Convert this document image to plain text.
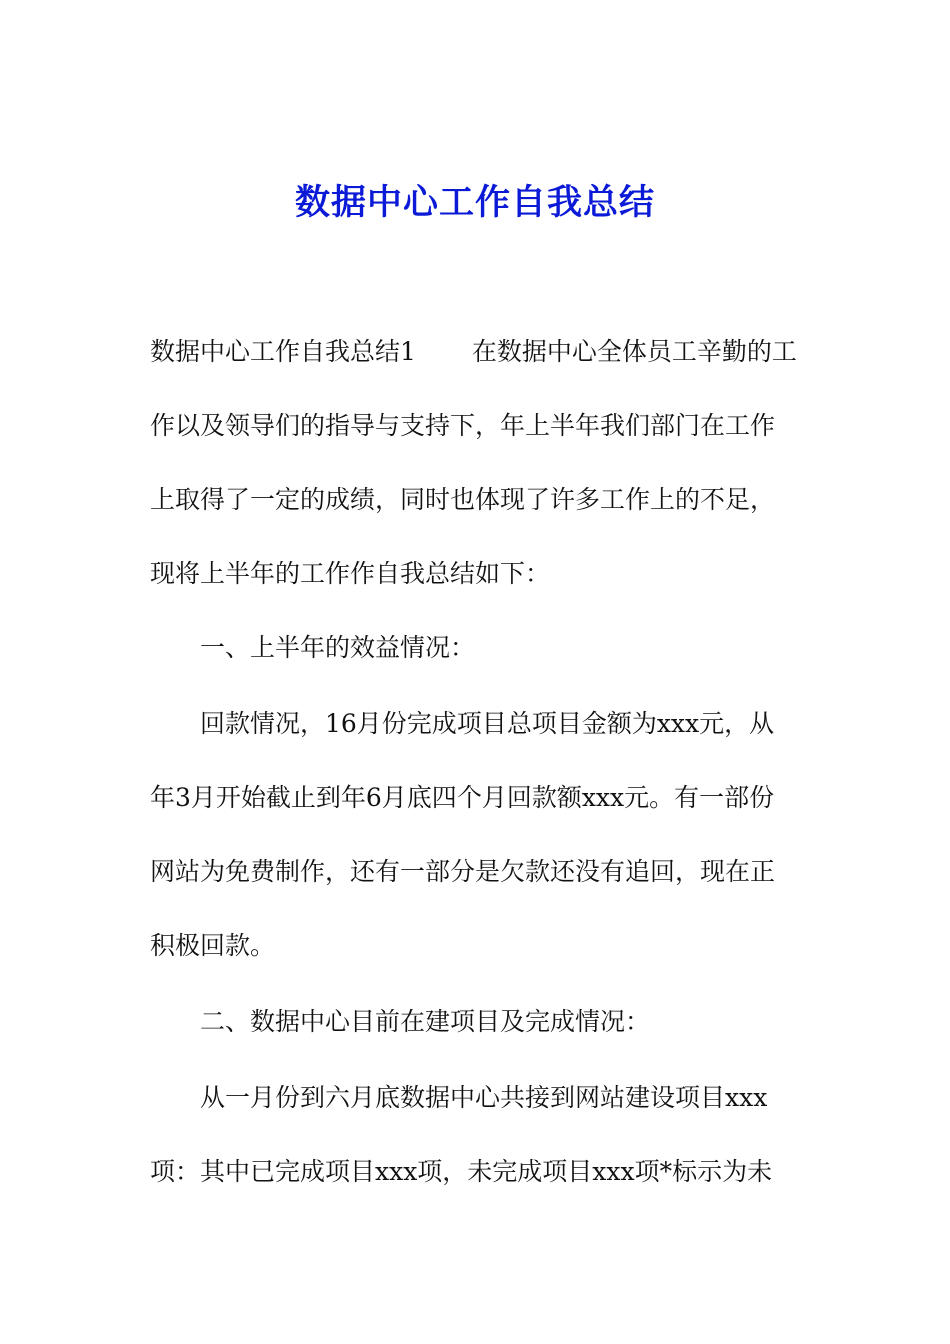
数据中心工作自我总结

数据中心工作自我总结1 在数据中心全体员工辛勤的工

作以及领导们的指导与支持下，年上半年我们部门在工作

上取得了一定的成绩，同时也体现了许多工作上的不足，

现将上半年的工作作自我总结如下：

一、上半年的效益情况：

回款情况，16月份完成项目总项目金额为xxx元，从

年3月开始截止到年6月底四个月回款额xxx元。有一部份

网站为免费制作，还有一部分是欠款还没有追回，现在正

积极回款。

二、数据中心目前在建项目及完成情况：

从一月份到六月底数据中心共接到网站建设项目xxx

项：其中已完成项目xxx项，未完成项目xxx项*标示为未
